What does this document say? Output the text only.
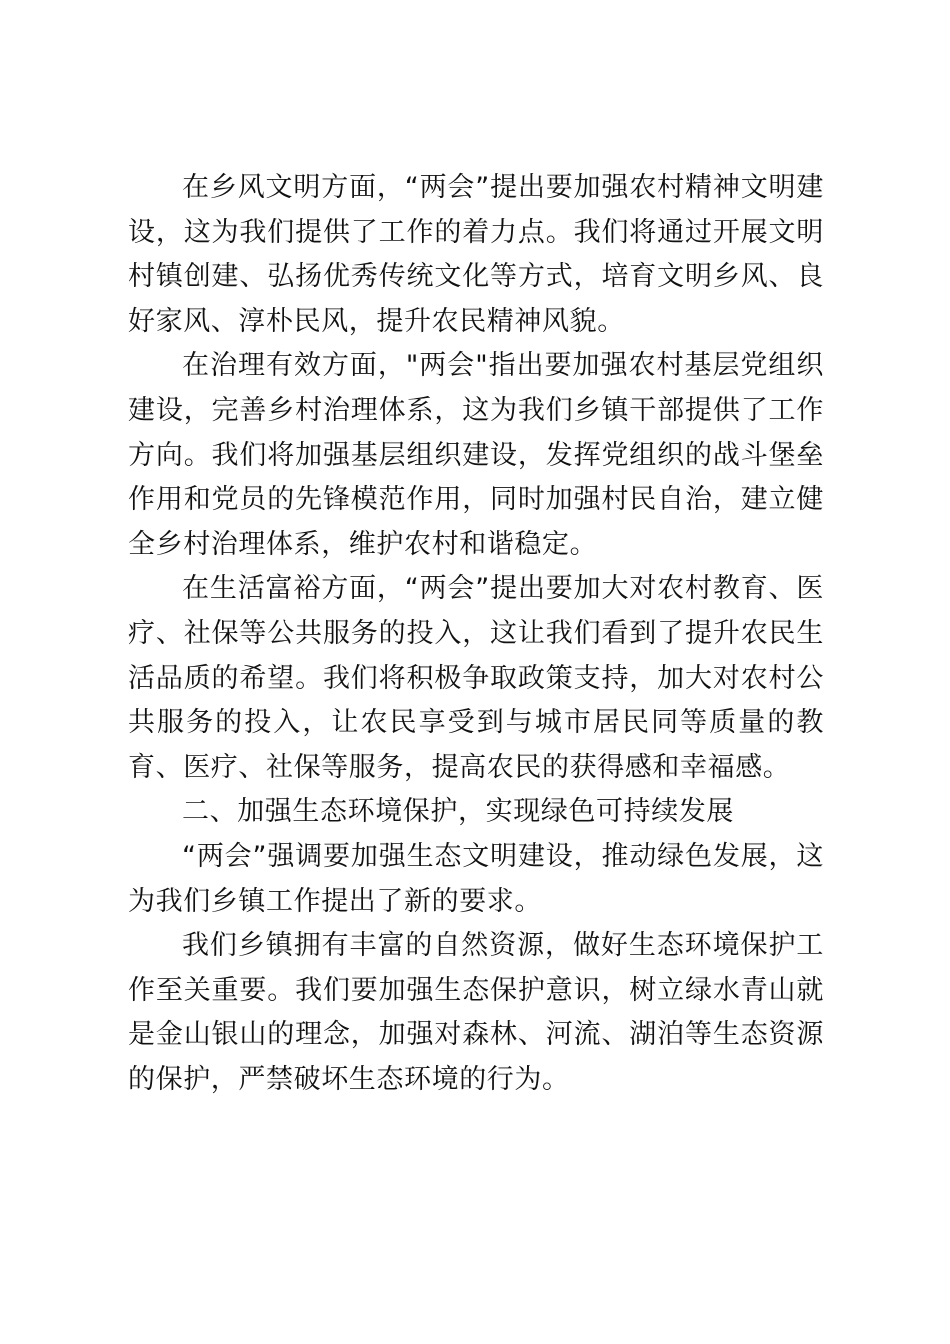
在乡风文明方面，“两会”提出要加强农村精神文明建设，这为我们提供了工作的着力点。我们将通过开展文明村镇创建、弘扬优秀传统文化等方式，培育文明乡风、良好家风、淳朴民风，提升农民精神风貌。

在治理有效方面，"两会"指出要加强农村基层党组织建设，完善乡村治理体系，这为我们乡镇干部提供了工作方向。我们将加强基层组织建设，发挥党组织的战斗堡垒作用和党员的先锋模范作用，同时加强村民自治，建立健全乡村治理体系，维护农村和谐稳定。

在生活富裕方面，“两会”提出要加大对农村教育、医疗、社保等公共服务的投入，这让我们看到了提升农民生活品质的希望。我们将积极争取政策支持，加大对农村公共服务的投入，让农民享受到与城市居民同等质量的教育、医疗、社保等服务，提高农民的获得感和幸福感。

二、加强生态环境保护，实现绿色可持续发展

“两会”强调要加强生态文明建设，推动绿色发展，这为我们乡镇工作提出了新的要求。

我们乡镇拥有丰富的自然资源，做好生态环境保护工作至关重要。我们要加强生态保护意识，树立绿水青山就是金山银山的理念，加强对森林、河流、湖泊等生态资源的保护，严禁破坏生态环境的行为。
